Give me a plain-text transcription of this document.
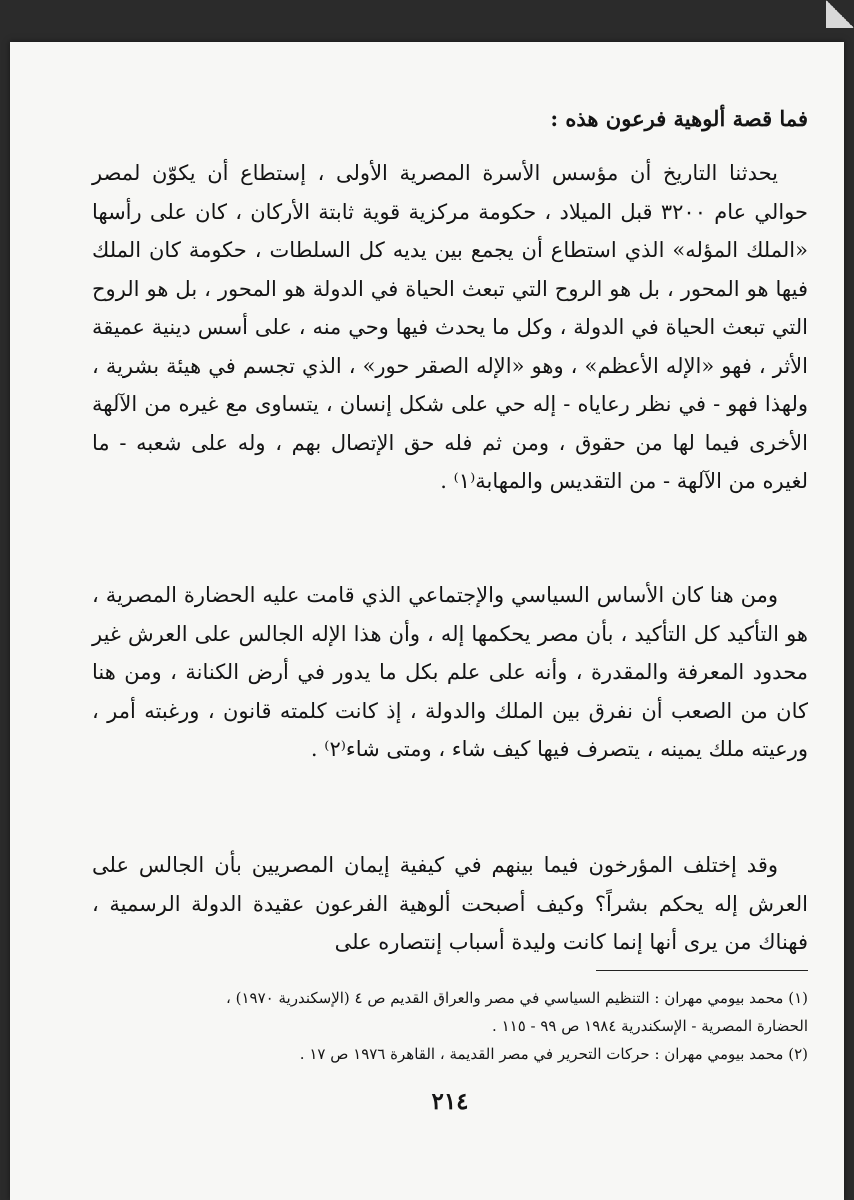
فما قصة ألوهية فرعون هذه :
يحدثنا التاريخ أن مؤسس الأسرة المصرية الأولى ، إستطاع أن يكوّن لمصر حوالي عام ٣٢٠٠ قبل الميلاد ، حكومة مركزية قوية ثابتة الأركان ، كان على رأسها «الملك المؤله» الذي استطاع أن يجمع بين يديه كل السلطات ، حكومة كان الملك فيها هو المحور ، بل هو الروح التي تبعث الحياة في الدولة هو المحور ، بل هو الروح التي تبعث الحياة في الدولة ، وكل ما يحدث فيها وحي منه ، على أسس دينية عميقة الأثر ، فهو «الإله الأعظم» ، وهو «الإله الصقر حور» ، الذي تجسم في هيئة بشرية ، ولهذا فهو - في نظر رعاياه - إله حي على شكل إنسان ، يتساوى مع غيره من الآلهة الأخرى فيما لها من حقوق ، ومن ثم فله حق الإتصال بهم ، وله على شعبه - ما لغيره من الآلهة - من التقديس والمهابة⁽١⁾ .
ومن هنا كان الأساس السياسي والإجتماعي الذي قامت عليه الحضارة المصرية ، هو التأكيد كل التأكيد ، بأن مصر يحكمها إله ، وأن هذا الإله الجالس على العرش غير محدود المعرفة والمقدرة ، وأنه على علم بكل ما يدور في أرض الكنانة ، ومن هنا كان من الصعب أن نفرق بين الملك والدولة ، إذ كانت كلمته قانون ، ورغبته أمر ، ورعيته ملك يمينه ، يتصرف فيها كيف شاء ، ومتى شاء⁽٢⁾ .
وقد إختلف المؤرخون فيما بينهم في كيفية إيمان المصريين بأن الجالس على العرش إله يحكم بشراً؟ وكيف أصبحت ألوهية الفرعون عقيدة الدولة الرسمية ، فهناك من يرى أنها إنما كانت وليدة أسباب إنتصاره على

(١) محمد بيومي مهران : التنظيم السياسي في مصر والعراق القديم ص ٤ (الإسكندرية ١٩٧٠) ،

الحضارة المصرية - الإسكندرية ١٩٨٤ ص ٩٩ - ١١٥ .

(٢) محمد بيومي مهران : حركات التحرير في مصر القديمة ، القاهرة ١٩٧٦ ص ١٧ .

٢١٤
